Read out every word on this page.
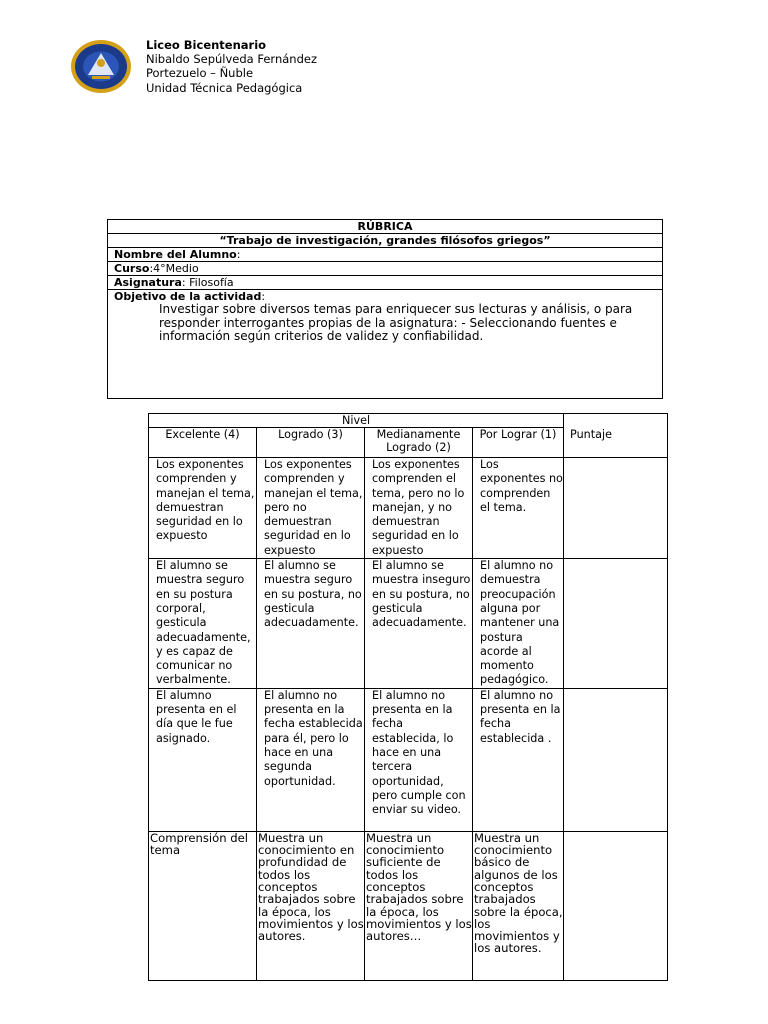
Liceo Bicentenario
Nibaldo Sepúlveda Fernández
Portezuelo – Ñuble
Unidad Técnica Pedagógica
RÚBRICA
“Trabajo de investigación, grandes filósofos griegos”
Nombre del Alumno:
Curso:4°Medio
Asignatura: Filosofía
Objetivo de la actividad:
Investigar sobre diversos temas para enriquecer sus lecturas y análisis, o para responder interrogantes propias de la asignatura: - Seleccionando fuentes e información según criterios de validez y confiabilidad.
Nivel				Puntaje
Excelente (4)	Logrado (3)	Medianamente Logrado (2)	Por Lograr (1)	
Los exponentes comprenden y manejan el tema, demuestran seguridad en lo expuesto	Los exponentes comprenden y manejan el tema, pero no demuestran seguridad en lo expuesto	Los exponentes comprenden el tema, pero no lo manejan, y no demuestran seguridad en lo expuesto	Los exponentes no comprenden el tema.	
El alumno se muestra seguro en su postura corporal, gesticula adecuadamente, y es capaz de comunicar no verbalmente.	El alumno se muestra seguro en su postura, no gesticula adecuadamente.	El alumno se muestra inseguro en su postura, no gesticula adecuadamente.	El alumno no demuestra preocupación alguna por mantener una postura acorde al momento pedagógico.	
El alumno presenta en el día que le fue asignado.	El alumno no presenta en la fecha establecida para él, pero lo hace en una segunda oportunidad.	El alumno no presenta en la fecha establecida, lo hace en una tercera oportunidad, pero cumple con enviar su video.	El alumno no presenta en la fecha establecida .	
Comprensión del tema	Muestra un conocimiento en profundidad de todos los conceptos trabajados sobre la época, los movimientos y los autores.	Muestra un conocimiento suficiente de todos los conceptos trabajados sobre la época, los movimientos y los autores…	Muestra un conocimiento básico de algunos de los conceptos trabajados sobre la época, los movimientos y los autores.	
